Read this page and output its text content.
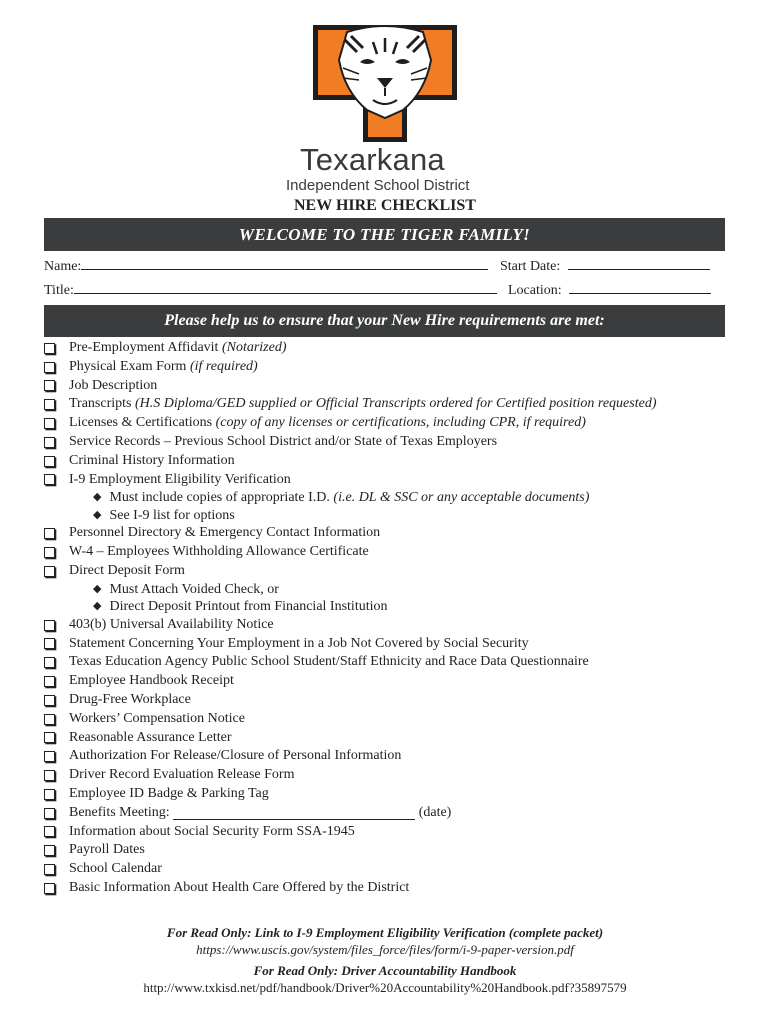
Texarkana
Independent School District
NEW HIRE CHECKLIST
WELCOME TO THE TIGER FAMILY!
Name:	Start Date:
Title:	Location:
Please help us to ensure that your New Hire requirements are met:
Pre-Employment Affidavit
(Notarized)
Physical Exam Form
(if required)
Job Description
Transcripts
(H.S Diploma/GED supplied or Official Transcripts ordered for Certified position requested)
Licenses & Certifications
(copy of any licenses or certifications, including CPR, if required)
Service Records – Previous School District and/or State of Texas Employers
Criminal History Information
I-9 Employment Eligibility Verification
◆ Must include copies of appropriate I.D.
(i.e. DL & SSC or any acceptable documents)
◆ See I-9 list for options
Personnel Directory & Emergency Contact Information
W-4 – Employees Withholding Allowance Certificate
Direct Deposit Form
◆ Must Attach Voided Check, or
◆ Direct Deposit Printout from Financial Institution
403(b) Universal Availability Notice
Statement Concerning Your Employment in a Job Not Covered by Social Security
Texas Education Agency Public School Student/Staff Ethnicity and Race Data Questionnaire
Employee Handbook Receipt
Drug-Free Workplace
Workers’ Compensation Notice
Reasonable Assurance Letter
Authorization For Release/Closure of Personal Information
Driver Record Evaluation Release Form
Employee ID Badge & Parking Tag
Benefits Meeting:

	(date)
Information about Social Security Form SSA-1945
Payroll Dates
School Calendar
Basic Information About Health Care Offered by the District
For Read Only: Link to I-9 Employment Eligibility Verification (complete packet)
https://www.uscis.gov/system/files_force/files/form/i-9-paper-version.pdf
For Read Only: Driver Accountability Handbook
http://www.txkisd.net/pdf/handbook/Driver%20Accountability%20Handbook.pdf?35897579
